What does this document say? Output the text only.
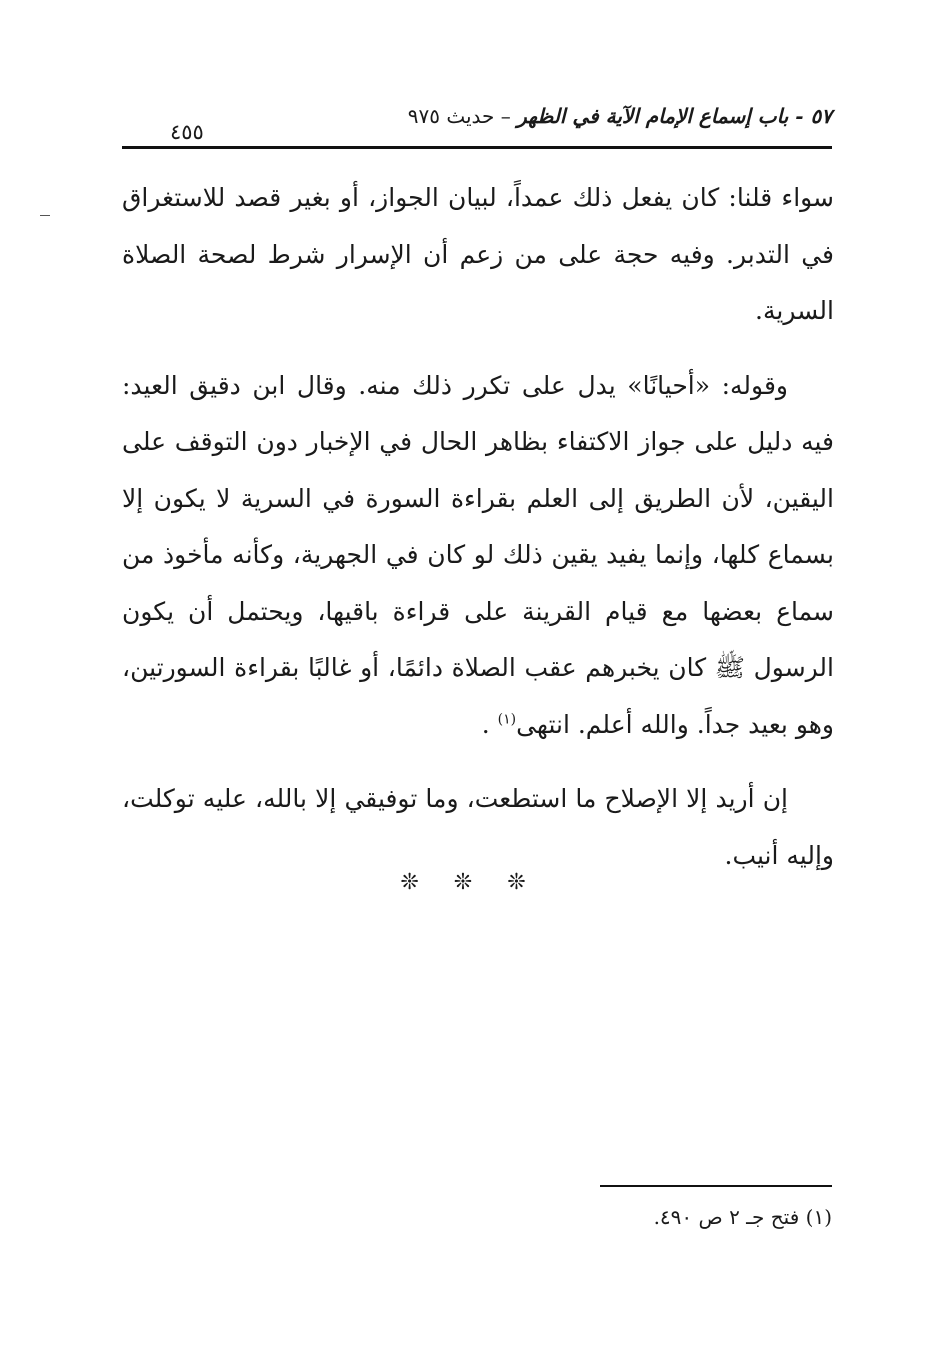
٥٧ - باب إسماع الإمام الآية في الظهر – حديث ٩٧٥
٤٥٥

سواء قلنا: كان يفعل ذلك عمداً، لبيان الجواز، أو بغير قصد للاستغراق في التدبر. وفيه حجة على من زعم أن الإسرار شرط لصحة الصلاة السرية.

وقوله: «أحيانًا» يدل على تكرر ذلك منه. وقال ابن دقيق العيد: فيه دليل على جواز الاكتفاء بظاهر الحال في الإخبار دون التوقف على اليقين، لأن الطريق إلى العلم بقراءة السورة في السرية لا يكون إلا بسماع كلها، وإنما يفيد يقين ذلك لو كان في الجهرية، وكأنه مأخوذ من سماع بعضها مع قيام القرينة على قراءة باقيها، ويحتمل أن يكون الرسول ﷺ كان يخبرهم عقب الصلاة دائمًا، أو غالبًا بقراءة السورتين، وهو بعيد جداً. والله أعلم. انتهى$^{(١)}$ .

إن أريد إلا الإصلاح ما استطعت، وما توفيقي إلا بالله، عليه توكلت، وإليه أنيب.

❊ ❊ ❊
(١) فتح جـ ٢ ص ٤٩٠.
